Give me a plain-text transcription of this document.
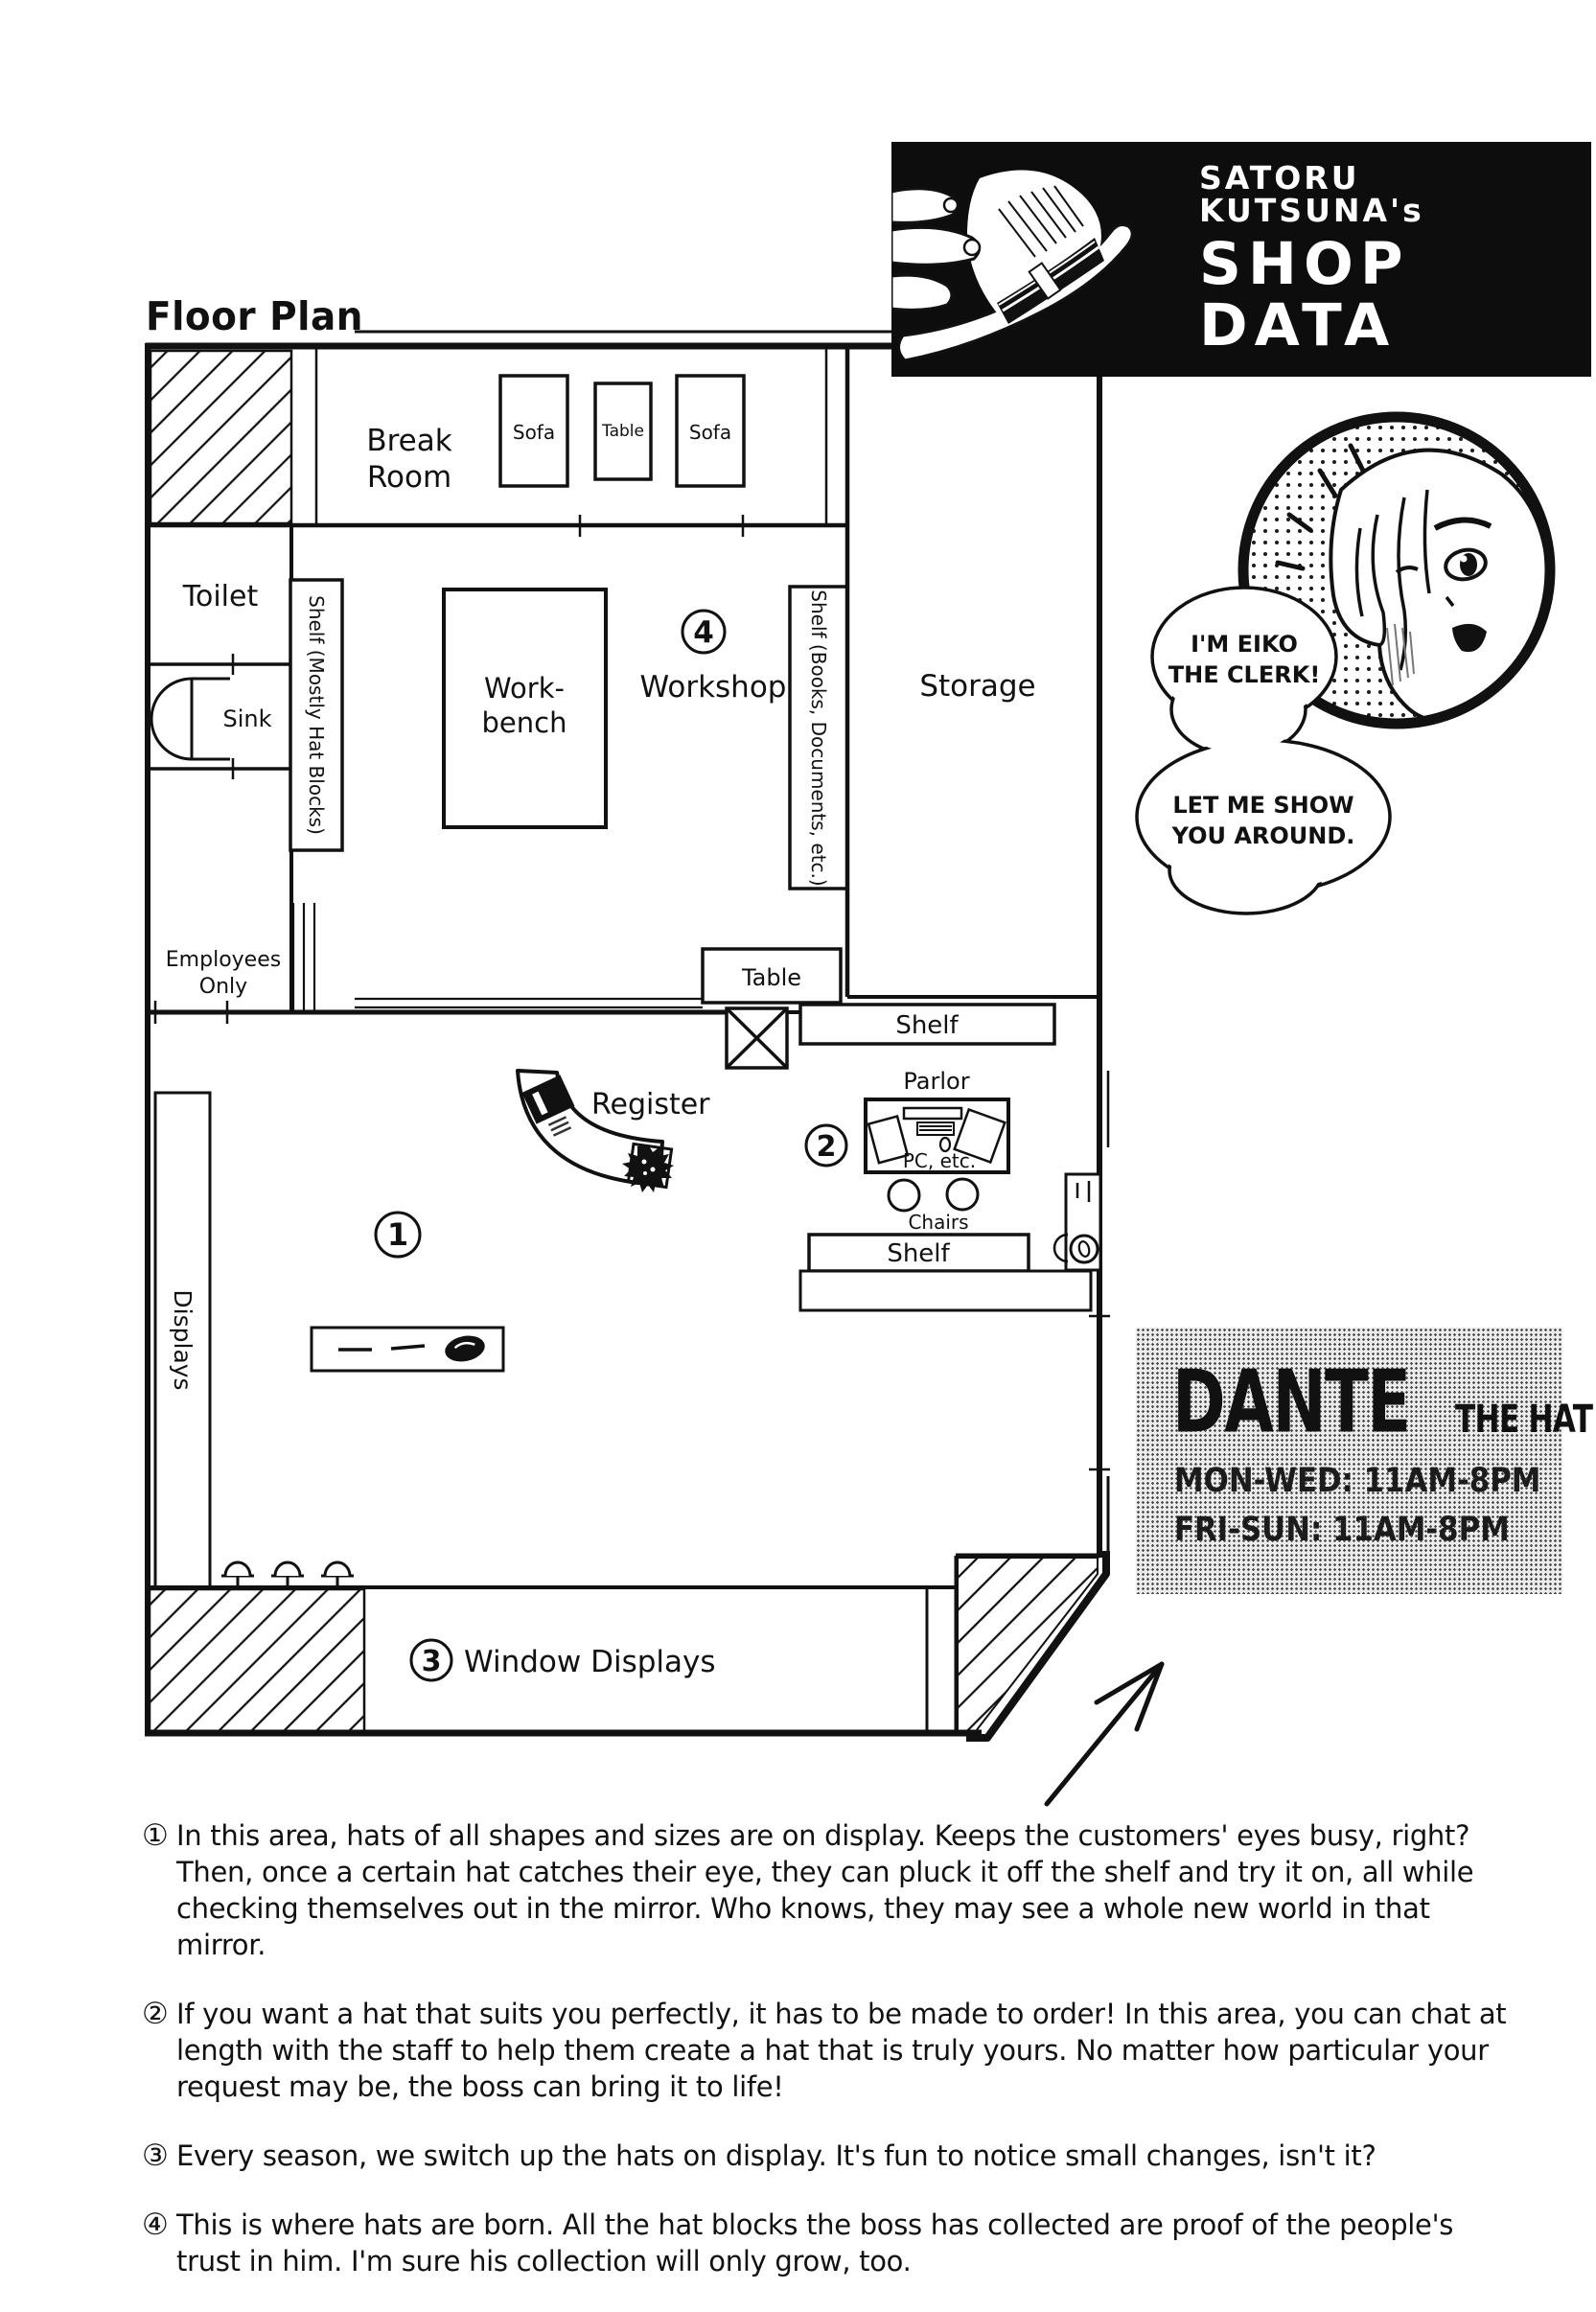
Floor Plan
Break
Room
Sofa	Table Sofa
Toilet
Sink
Employees
Only
Shelf (Mostly Hat Blocks)	Work-
bench
4
Workshop Shelf (Books, Documents, etc.)	Storage
Table
Shelf
Register
1
Parlor
PC, etc.
2
Chairs
Shelf
Displays
3 Window Displays
SATORU KUTSUNA's
SHOP DATA
I'M EIKO
THE CLERK!
LET ME SHOW
YOU AROUND.
DANTE THE HAT
MON-WED: 11AM-8PM
FRI-SUN: 11AM-8PM
① In this area, hats of all shapes and sizes are on display. Keeps the customers' eyes busy, right? Then, once a certain hat catches their eye, they can pluck it off the shelf and try it on, all while checking themselves out in the mirror. Who knows, they may see a whole new world in that mirror.

② If you want a hat that suits you perfectly, it has to be made to order! In this area, you can chat at length with the staff to help them create a hat that is truly yours. No matter how particular your request may be, the boss can bring it to life!

③ Every season, we switch up the hats on display. It's fun to notice small changes, isn't it?

④ This is where hats are born. All the hat blocks the boss has collected are proof of the people's trust in him. I'm sure his collection will only grow, too.
